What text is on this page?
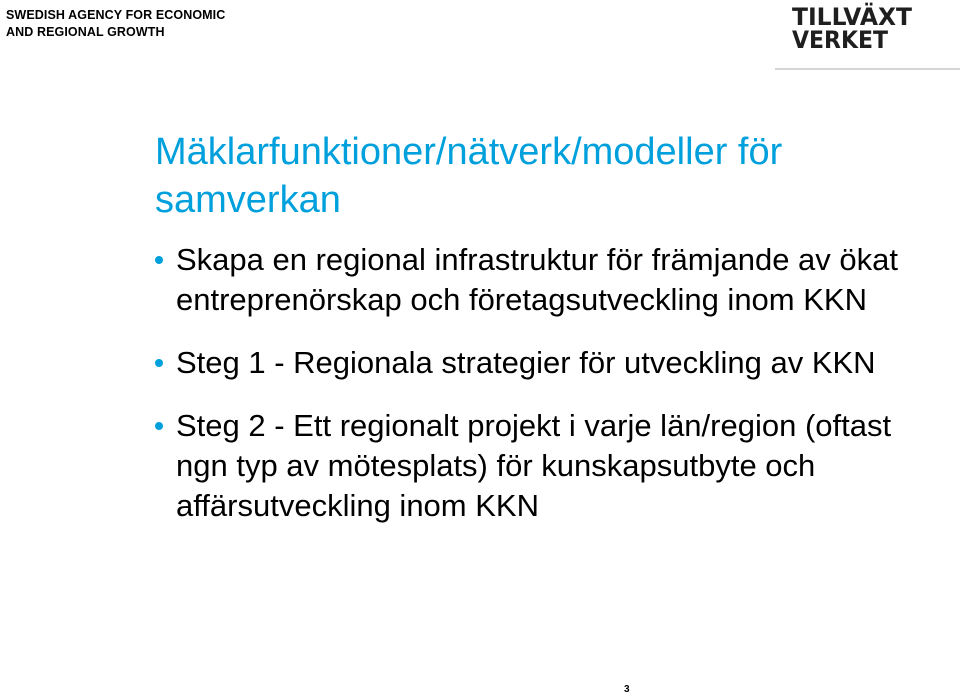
SWEDISH AGENCY FOR ECONOMIC
AND REGIONAL GROWTH
TILLVÄXT
VERKET
Mäklarfunktioner/nätverk/modeller för samverkan
Skapa en regional infrastruktur för främjande av ökat entreprenörskap och företagsutveckling inom KKN
Steg 1 - Regionala strategier för utveckling av KKN
Steg 2 - Ett regionalt projekt i varje län/region (oftast ngn typ av mötesplats) för kunskapsutbyte och affärsutveckling inom KKN
3
